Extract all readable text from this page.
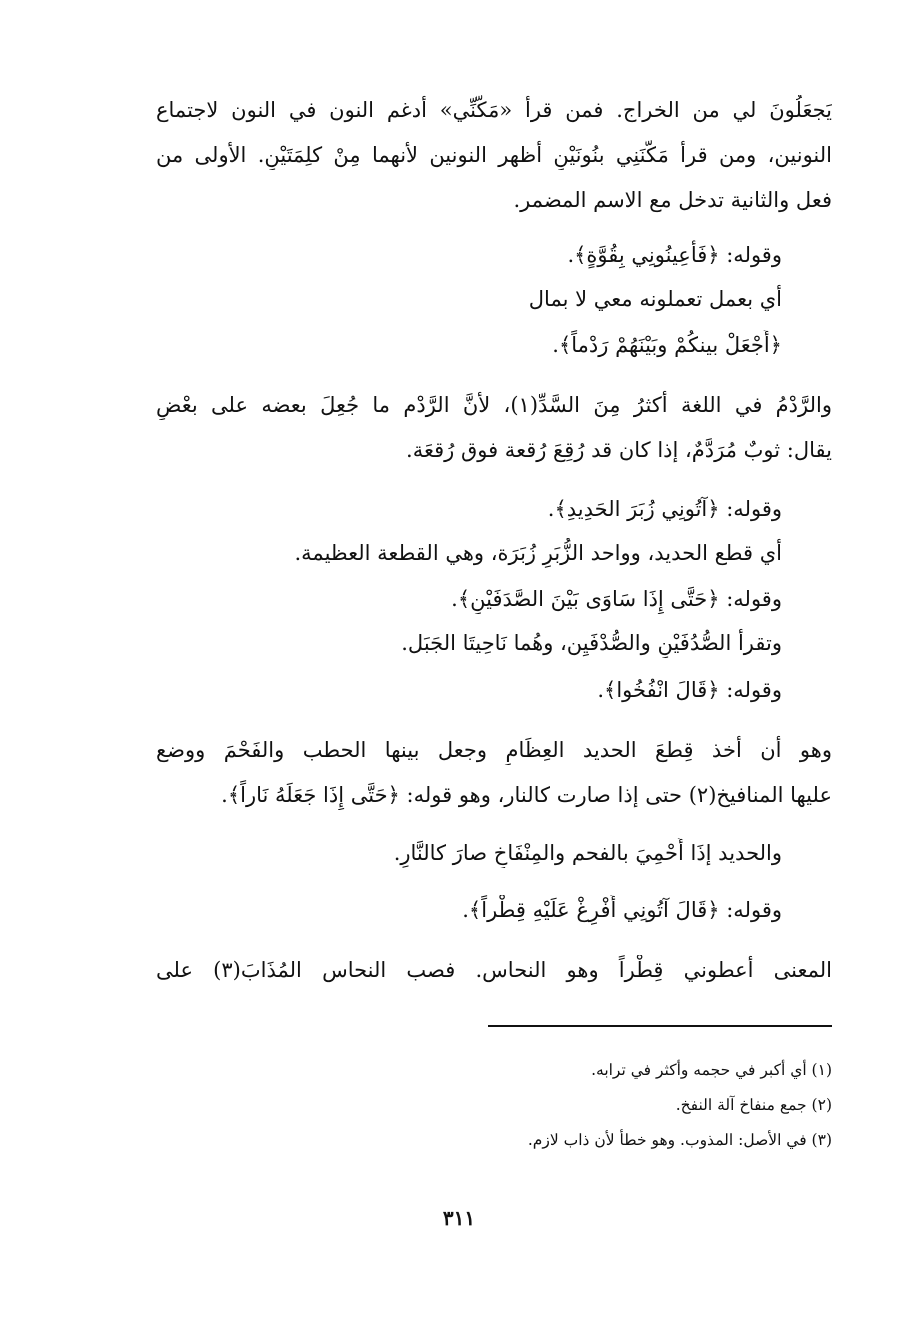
يَجعَلُونَ لي من الخراج. فمن قرأ «مَكَّنِّي» أدغم النون في النون لاجتماع
النونين، ومن قرأ مَكَّنَنِي بنُونَيْنِ أظهر النونين لأنهما مِنْ كلِمَتَيْنِ. الأولى من
فعل والثانية تدخل مع الاسم المضمر.
وقوله: ﴿فَأَعِينُونِي بِقُوَّةٍ﴾.
أي بعمل تعملونه معي لا بمال
﴿أَجْعَلْ بينكُمْ وبَيْنَهُمْ رَدْماً﴾.
والرَّدْمُ في اللغة أكثرُ مِنَ السَّدِّ(١)، لأنَّ الرَّدْم ما جُعِلَ بعضه على بعْضٍ
يقال: ثوبٌ مُرَدَّمٌ، إذا كان قد رُقِعَ رُقعة فوق رُقعَة.
وقوله: ﴿آتُونِي زُبَرَ الحَدِيدِ﴾.
أي قطع الحديد، وواحد الزُّبَرِ زُبَرَة، وهي القطعة العظيمة.
وقوله: ﴿حَتَّى إِذَا سَاوَى بَيْنَ الصَّدَفَيْنِ﴾.
وتقرأ الصُّدُفَيْنِ والصُّدْفَيِن، وهُما نَاحِيتَا الجَبَل.
وقوله: ﴿قَالَ انْفُخُوا﴾.
وهو أن أخذ قِطعَ الحديد العِظَامِ وجعل بينها الحطب والفَحْمَ ووضع
عليها المنافيخ(٢) حتى إذا صارت كالنار، وهو قوله: ﴿حَتَّى إِذَا جَعَلَهُ نَاراً﴾.
والحديد إذَا أُحْمِيَ بالفحم والمِنْفَاخِ صارَ كالنَّارِ.
وقوله: ﴿قَالَ آتُونِي أُفْرِغْ عَلَيْهِ قِطْراً﴾.
المعنى أعطوني قِطْراً وهو النحاس. فصب النحاس المُذَابَ(٣) على
(١) أي أكبر في حجمه وأكثر في ترابه.
(٢) جمع منفاخ آلة النفخ.
(٣) في الأصل: المذوب. وهو خطأ لأن ذاب لازم.
٣١١
